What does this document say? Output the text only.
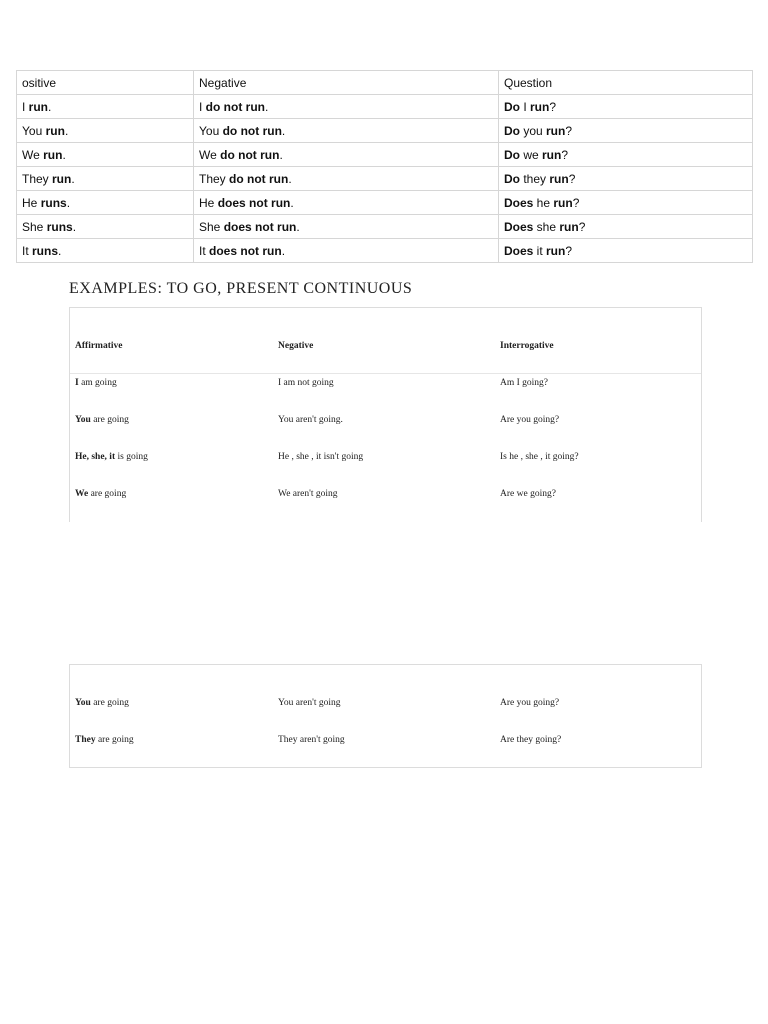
ositive	Negative	Question
I run.	I do not run.	Do I run?
You run.	You do not run.	Do you run?
We run.	We do not run.	Do we run?
They run.	They do not run.	Do they run?
He runs.	He does not run.	Does he run?
She runs.	She does not run.	Does she run?
It runs.	It does not run.	Does it run?
EXAMPLES: TO GO, PRESENT CONTINUOUS
Affirmative	Negative	Interrogative
I am going	I am not going	Am I going?
You are going	You aren't going.	Are you going?
He, she, it is going	He , she , it isn't going	Is he , she , it going?
We are going	We aren't going	Are we going?
You are going	You aren't going	Are you going?
They are going	They aren't going	Are they going?
